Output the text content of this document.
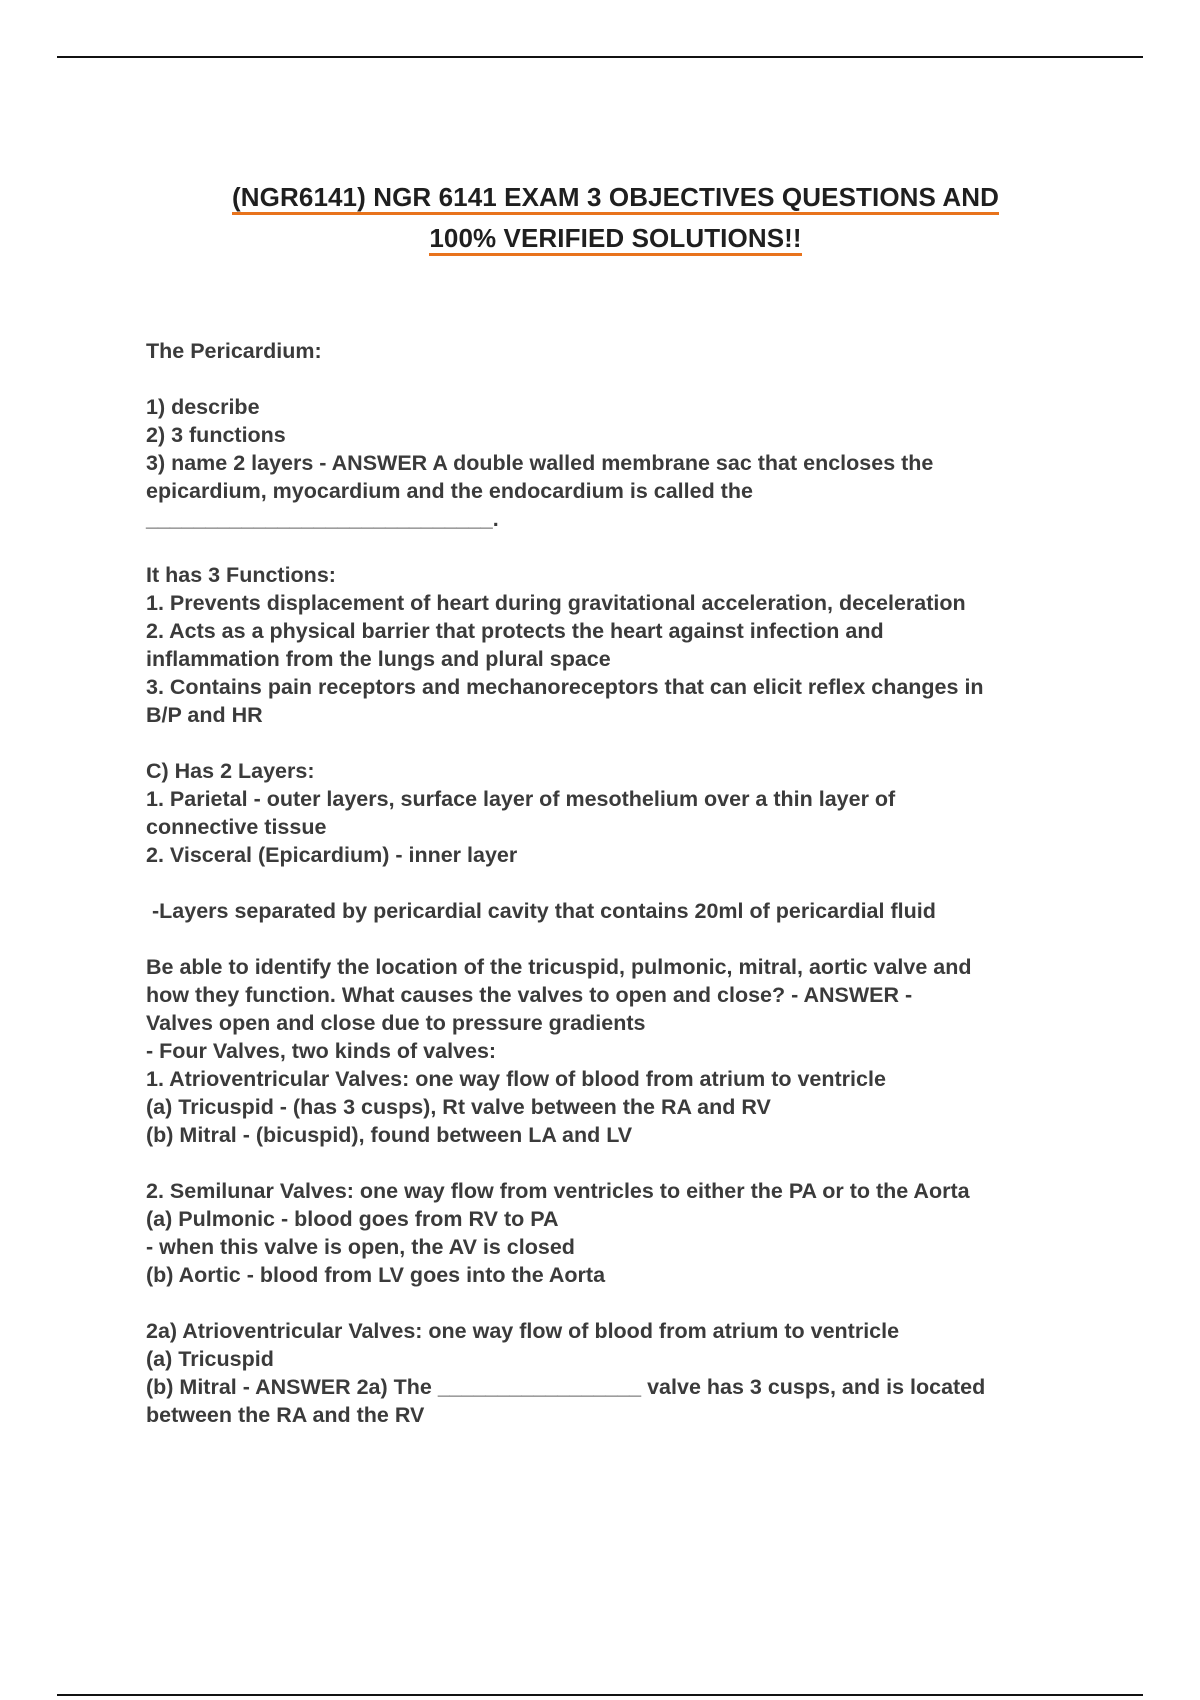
(NGR6141) NGR 6141 EXAM 3 OBJECTIVES QUESTIONS AND
100% VERIFIED SOLUTIONS!!
The Pericardium:
1) describe
2) 3 functions
3) name 2 layers - ANSWER A double walled membrane sac that encloses the
epicardium, myocardium and the endocardium is called the
_____________________________.
It has 3 Functions:
1. Prevents displacement of heart during gravitational acceleration, deceleration
2. Acts as a physical barrier that protects the heart against infection and
inflammation from the lungs and plural space
3. Contains pain receptors and mechanoreceptors that can elicit reflex changes in
B/P and HR
C) Has 2 Layers:
1. Parietal - outer layers, surface layer of mesothelium over a thin layer of
connective tissue
2. Visceral (Epicardium) - inner layer
-Layers separated by pericardial cavity that contains 20ml of pericardial fluid
Be able to identify the location of the tricuspid, pulmonic, mitral, aortic valve and
how they function. What causes the valves to open and close? - ANSWER -
Valves open and close due to pressure gradients
- Four Valves, two kinds of valves:
1. Atrioventricular Valves: one way flow of blood from atrium to ventricle
(a) Tricuspid - (has 3 cusps), Rt valve between the RA and RV
(b) Mitral - (bicuspid), found between LA and LV
2. Semilunar Valves: one way flow from ventricles to either the PA or to the Aorta
(a) Pulmonic - blood goes from RV to PA
- when this valve is open, the AV is closed
(b) Aortic - blood from LV goes into the Aorta
2a) Atrioventricular Valves: one way flow of blood from atrium to ventricle
(a) Tricuspid
(b) Mitral - ANSWER 2a) The _________________ valve has 3 cusps, and is located
between the RA and the RV
